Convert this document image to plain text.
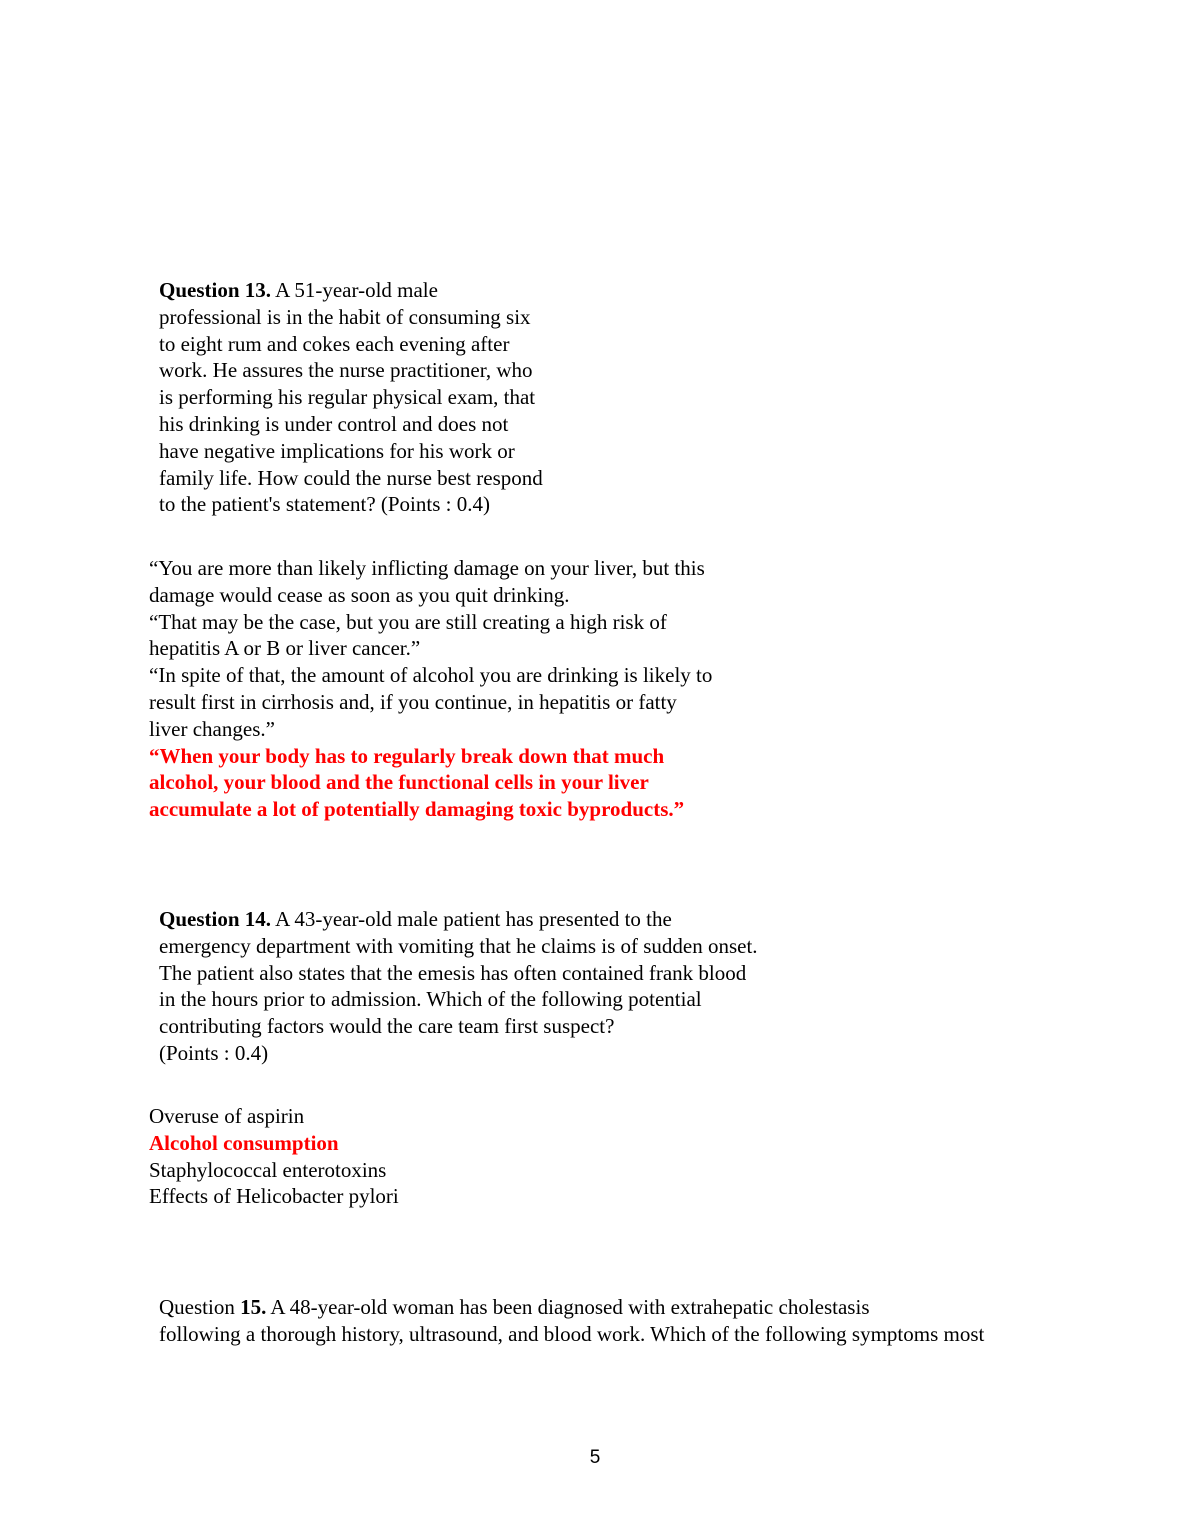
Question 13. A 51-year-old male
professional is in the habit of consuming six
to eight rum and cokes each evening after
work. He assures the nurse practitioner, who
is performing his regular physical exam, that
his drinking is under control and does not
have negative implications for his work or
family life. How could the nurse best respond
to the patient's statement? (Points : 0.4)
“You are more than likely inflicting damage on your liver, but this
damage would cease as soon as you quit drinking.
“That may be the case, but you are still creating a high risk of
hepatitis A or B or liver cancer.”
“In spite of that, the amount of alcohol you are drinking is likely to
result first in cirrhosis and, if you continue, in hepatitis or fatty
liver changes.”
“When your body has to regularly break down that much
alcohol, your blood and the functional cells in your liver
accumulate a lot of potentially damaging toxic byproducts.”
Question 14. A 43-year-old male patient has presented to the
emergency department with vomiting that he claims is of sudden onset.
The patient also states that the emesis has often contained frank blood
in the hours prior to admission. Which of the following potential
contributing factors would the care team first suspect?
(Points : 0.4)
Overuse of aspirin
Alcohol consumption
Staphylococcal enterotoxins
Effects of Helicobacter pylori
Question 15. A 48-year-old woman has been diagnosed with extrahepatic cholestasis
following a thorough history, ultrasound, and blood work. Which of the following symptoms most
5
